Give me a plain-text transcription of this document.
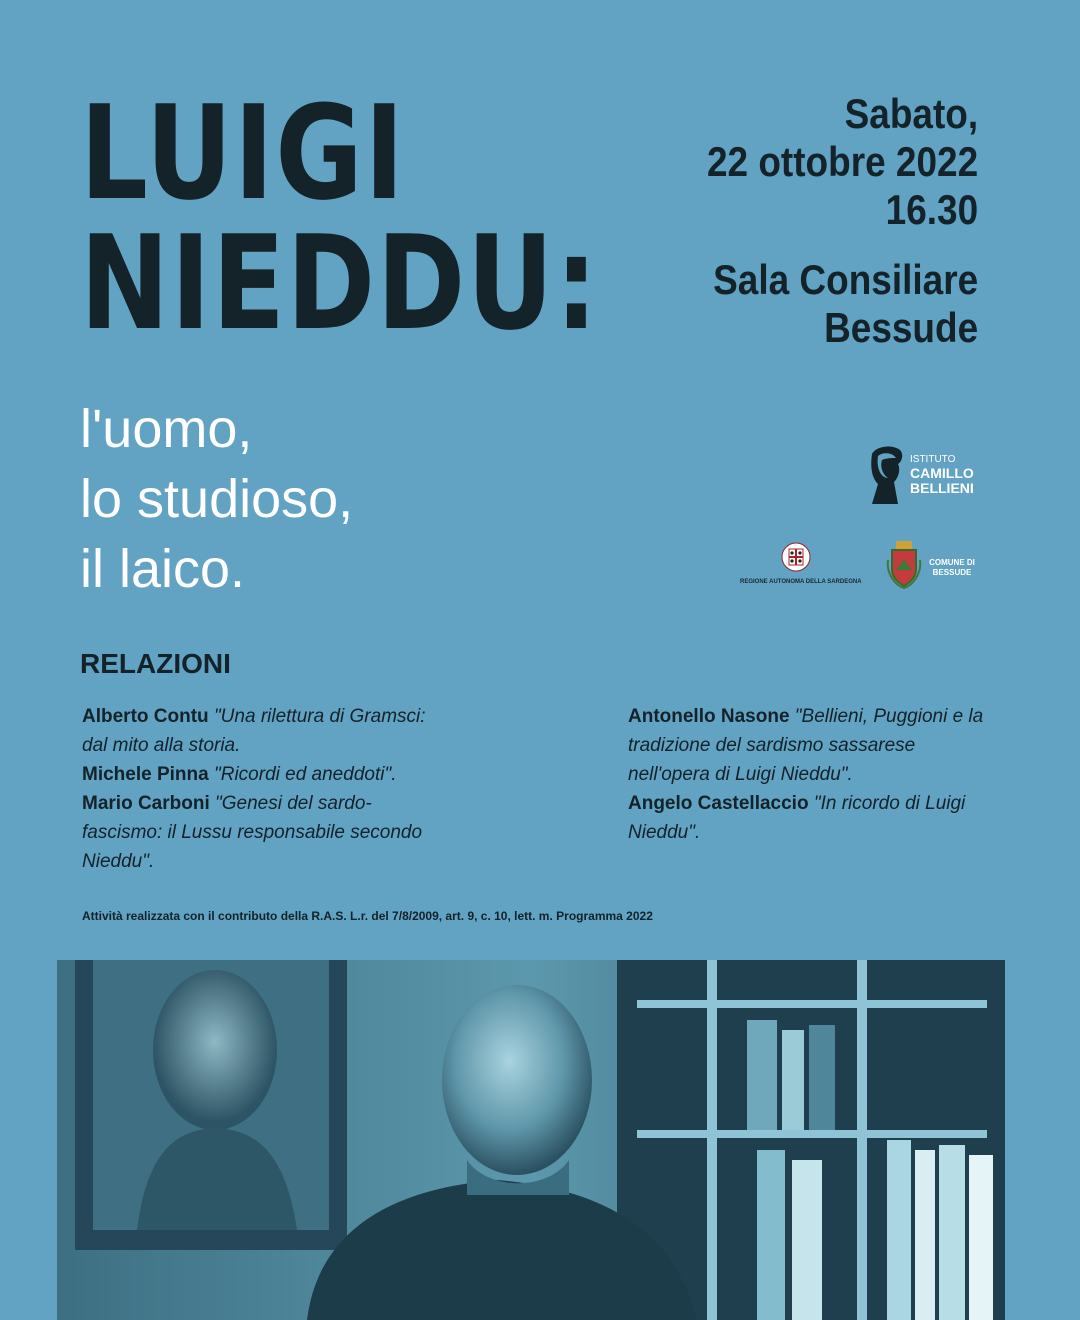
LUIGI
NIEDDU:
l'uomo,
lo studioso,
il laico.
Sabato,
22 ottobre 2022
16.30
Sala Consiliare
Bessude
ISTITUTO
CAMILLO
BELLIENI
REGIONE AUTONOMA DELLA SARDEGNA
COMUNE DI
BESSUDE
RELAZIONI
Alberto Contu "Una rilettura di Gramsci: dal mito alla storia.
Michele Pinna "Ricordi ed aneddoti".
Mario Carboni "Genesi del sardo-fascismo: il Lussu responsabile secondo Nieddu".
Antonello Nasone "Bellieni, Puggioni e la tradizione del sardismo sassarese nell'opera di Luigi Nieddu".
Angelo Castellaccio "In ricordo di Luigi Nieddu".
Attività realizzata con il contributo della R.A.S. L.r. del 7/8/2009, art. 9, c. 10, lett. m. Programma 2022
